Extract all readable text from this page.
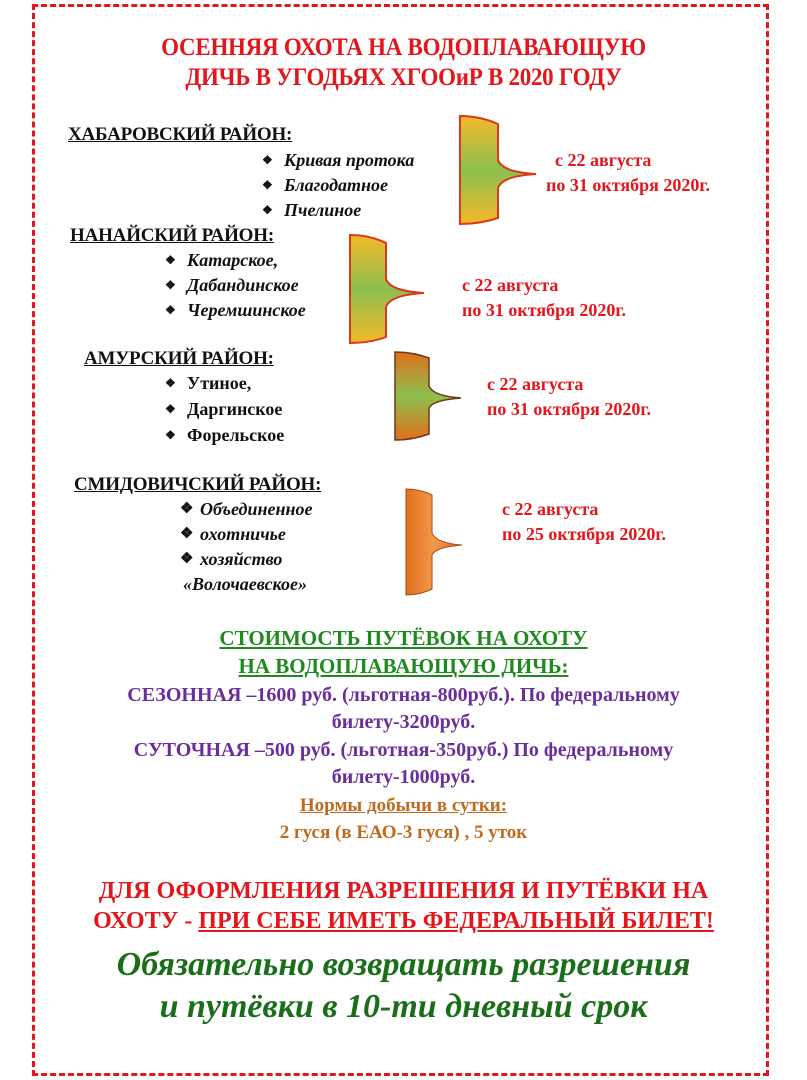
ОСЕННЯЯ ОХОТА НА ВОДОПЛАВАЮЩУЮ
ДИЧЬ В УГОДЬЯХ ХГООиР В 2020 ГОДУ
ХАБАРОВСКИЙ РАЙОН:
❖ Кривая протока
❖ Благодатное
❖ Пчелиное
с 22 августа
по 31 октября 2020г.
НАНАЙСКИЙ РАЙОН:
❖ Катарское,
❖ Дабандинское
❖ Черемшинское
с 22 августа
по 31 октября 2020г.
АМУРСКИЙ РАЙОН:
❖ Утиное,
❖ Даргинское
❖ Форельское
с 22 августа
по 31 октября 2020г.
СМИДОВИЧСКИЙ РАЙОН:
❖ Объединенное
❖ охотничье
❖ хозяйство
«Волочаевское»
с 22 августа
по 25 октября 2020г.
СТОИМОСТЬ ПУТЁВОК НА ОХОТУ
НА ВОДОПЛАВАЮЩУЮ ДИЧЬ:
СЕЗОННАЯ –1600 руб. (льготная-800руб.). По федеральному
билету-3200руб.
СУТОЧНАЯ –500 руб. (льготная-350руб.) По федеральному
билету-1000руб.
Нормы добычи в сутки:
2 гуся (в ЕАО-3 гуся) , 5 уток
ДЛЯ ОФОРМЛЕНИЯ РАЗРЕШЕНИЯ И ПУТЁВКИ НА
ОХОТУ - ПРИ СЕБЕ ИМЕТЬ ФЕДЕРАЛЬНЫЙ БИЛЕТ!
Обязательно возвращать разрешения
и путёвки в 10-ти дневный срок
